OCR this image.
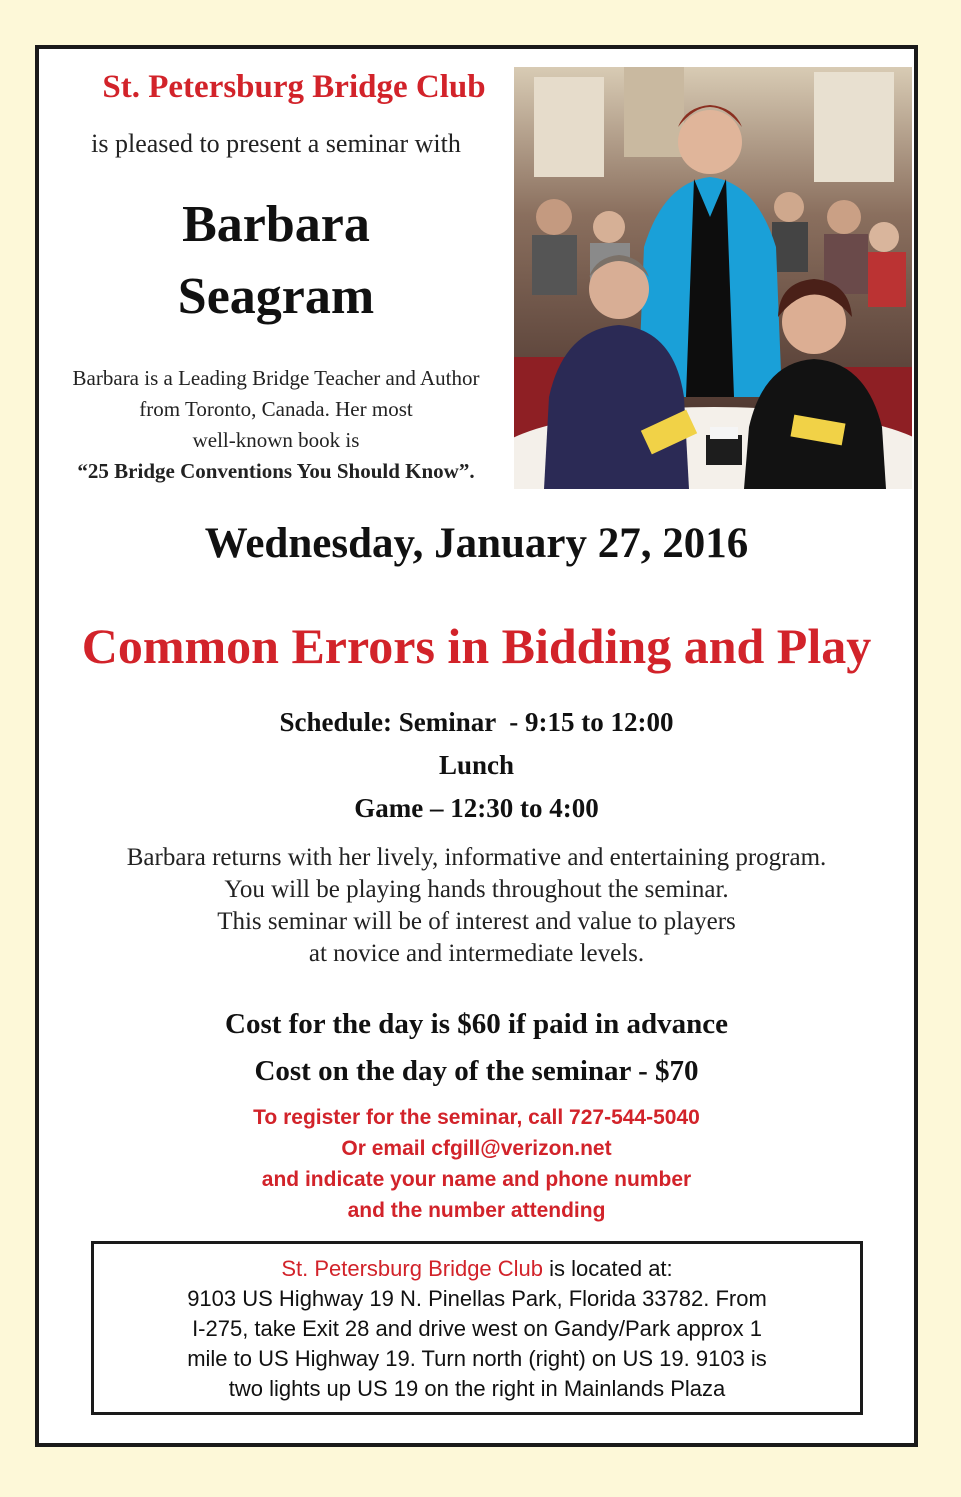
St. Petersburg Bridge Club
is pleased to present a seminar with
Barbara
Seagram
Barbara is a Leading Bridge Teacher and Author
from Toronto, Canada. Her most
well-known book is
“25 Bridge Conventions You Should Know”.
Wednesday, January 27, 2016
Common Errors in Bidding and Play
Schedule: Seminar  - 9:15 to 12:00
Lunch
Game – 12:30 to 4:00
Barbara returns with her lively, informative and entertaining program.
You will be playing hands throughout the seminar.
This seminar will be of interest and value to players
at novice and intermediate levels.
Cost for the day is $60 if paid in advance
Cost on the day of the seminar - $70
To register for the seminar, call 727-544-5040
Or email cfgill@verizon.net
and indicate your name and phone number
and the number attending
St. Petersburg Bridge Club is located at:
9103 US Highway 19 N. Pinellas Park, Florida 33782. From
I-275, take Exit 28 and drive west on Gandy/Park approx 1
mile to US Highway 19. Turn north (right) on US 19. 9103 is
two lights up US 19 on the right in Mainlands Plaza
